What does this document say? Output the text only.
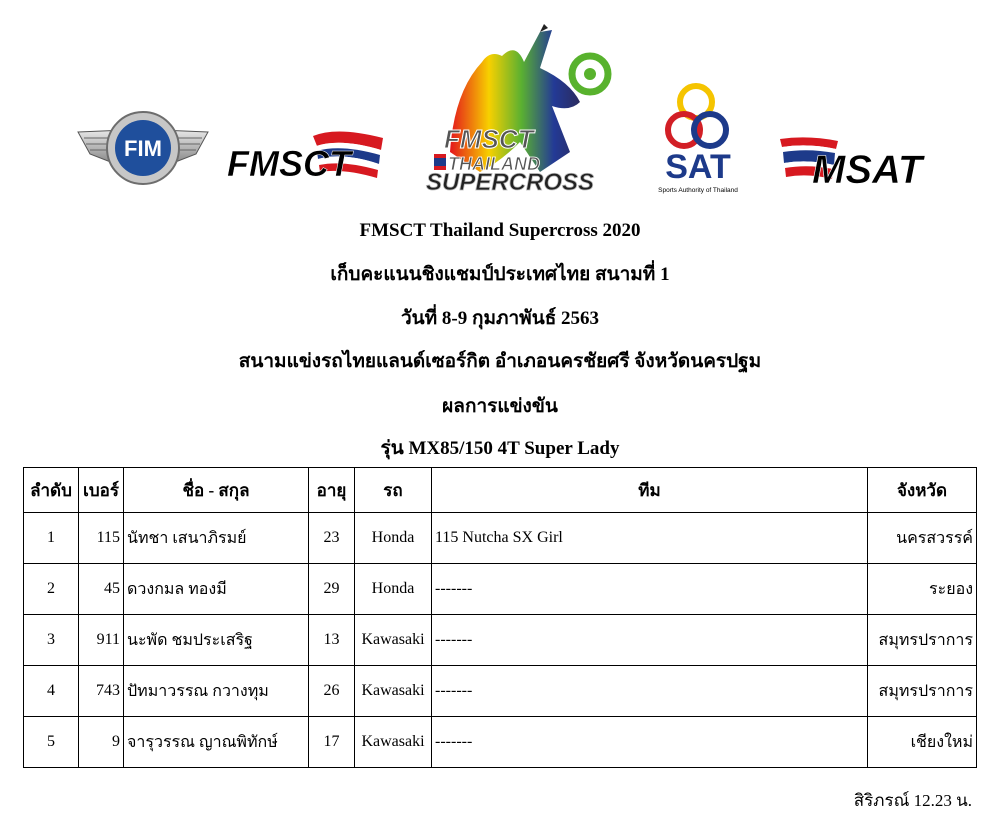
FIM FMSCT
FMSCT
THAILAND
SUPERCROSS SAT
Sports Authority of Thailand MSAT
FMSCT Thailand Supercross 2020
เก็บคะแนนชิงแชมป์ประเทศไทย สนามที่ 1
วันที่ 8-9 กุมภาพันธ์ 2563
สนามแข่งรถไทยแลนด์เซอร์กิต อำเภอนครชัยศรี จังหวัดนครปฐม
ผลการแข่งขัน
รุ่น MX85/150 4T Super Lady
ลำดับ	เบอร์	ชื่อ - สกุล	อายุ	รถ	ทีม	จังหวัด
1	115	นัทชา เสนาภิรมย์	23	Honda	115 Nutcha SX Girl	นครสวรรค์
2	45	ดวงกมล ทองมี	29	Honda	-------	ระยอง
3	911	นะพัด ชมประเสริฐ	13	Kawasaki	-------	สมุทรปราการ
4	743	ปัทมาวรรณ กวางทุม	26	Kawasaki	-------	สมุทรปราการ
5	9	จารุวรรณ ญาณพิทักษ์	17	Kawasaki	-------	เชียงใหม่
สิริภรณ์ 12.23 น.
